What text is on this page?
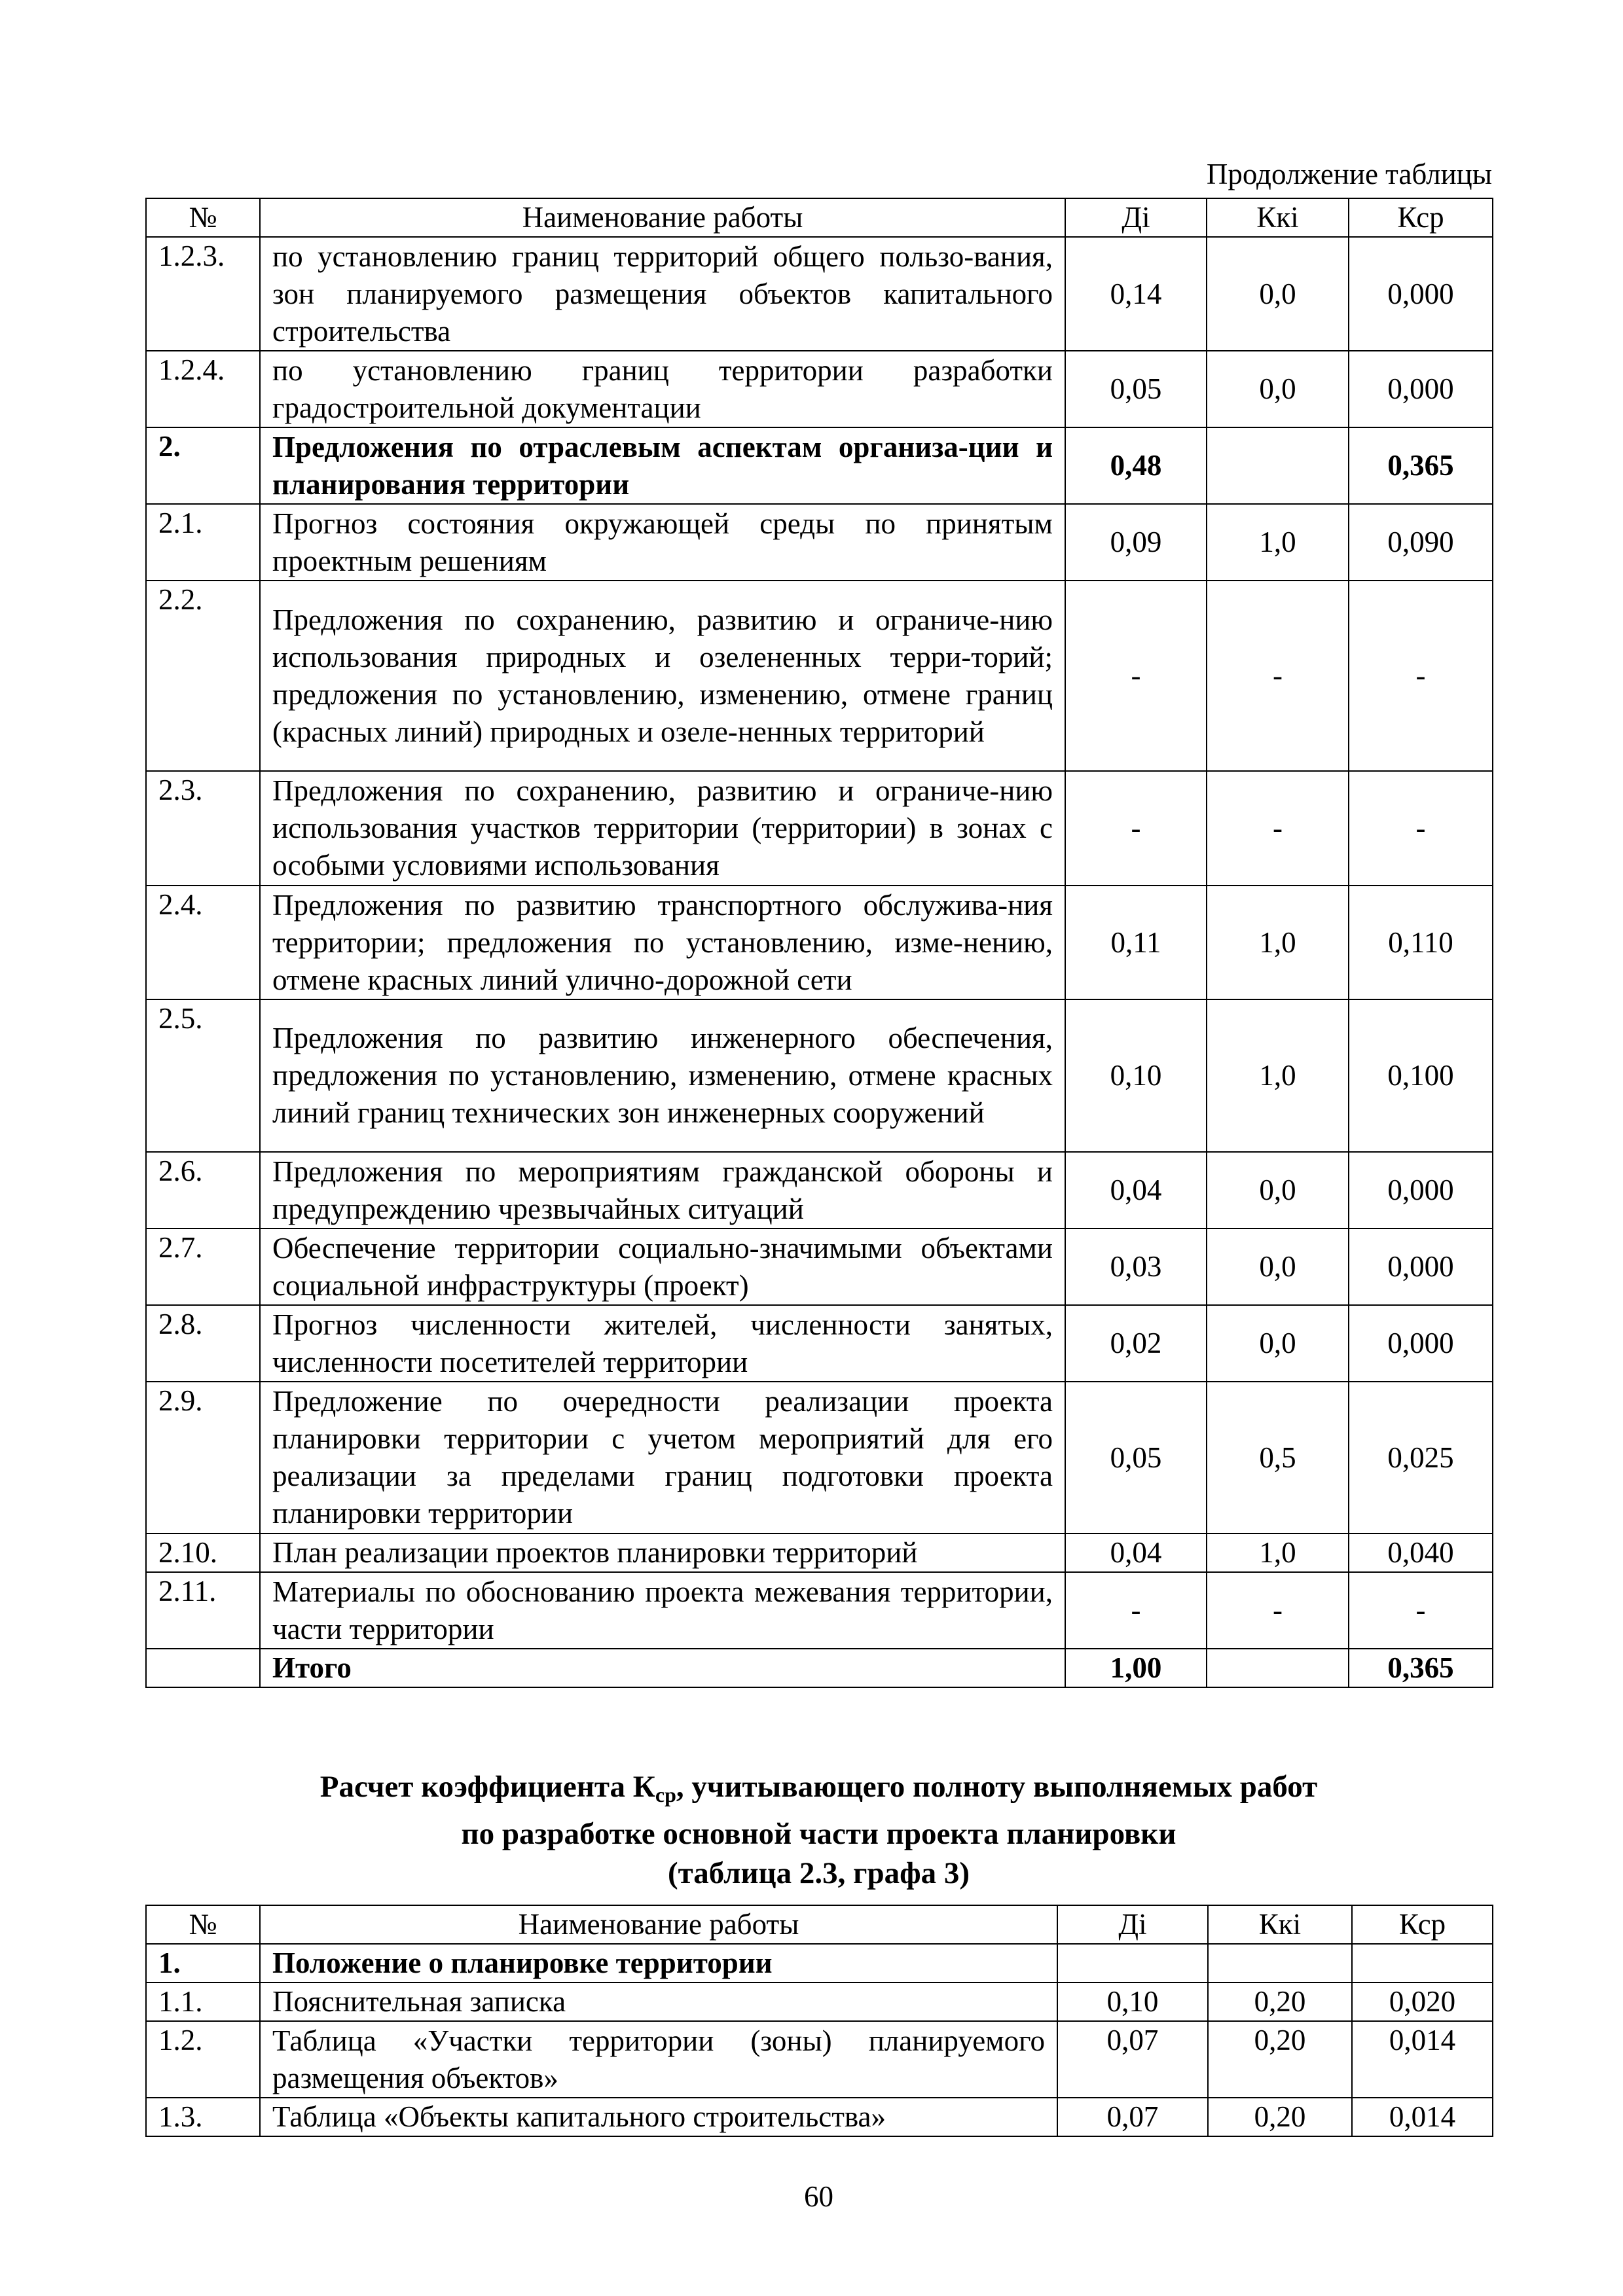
Продолжение таблицы
№	Наименование работы	Дi	Ккi	Кср
1.2.3.	по установлению границ территорий общего пользо-вания, зон планируемого размещения объектов капитального строительства	0,14	0,0	0,000
1.2.4.	по установлению границ территории разработки градостроительной документации	0,05	0,0	0,000
2.	Предложения по отраслевым аспектам организа-ции и планирования территории	0,48		0,365
2.1.	Прогноз состояния окружающей среды по принятым проектным решениям	0,09	1,0	0,090
2.2.	Предложения по сохранению, развитию и ограниче-нию использования природных и озелененных терри-торий; предложения по установлению, изменению, отмене границ (красных линий) природных и озеле-ненных территорий	-	-	-
2.3.	Предложения по сохранению, развитию и ограниче-нию использования участков территории (территории) в зонах с особыми условиями использования	-	-	-
2.4.	Предложения по развитию транспортного обслужива-ния территории; предложения по установлению, изме-нению, отмене красных линий улично-дорожной сети	0,11	1,0	0,110
2.5.	Предложения по развитию инженерного обеспечения, предложения по установлению, изменению, отмене красных линий границ технических зон инженерных сооружений	0,10	1,0	0,100
2.6.	Предложения по мероприятиям гражданской обороны и предупреждению чрезвычайных ситуаций	0,04	0,0	0,000
2.7.	Обеспечение территории социально-значимыми объектами социальной инфраструктуры (проект)	0,03	0,0	0,000
2.8.	Прогноз численности жителей, численности занятых, численности посетителей территории	0,02	0,0	0,000
2.9.	Предложение по очередности реализации проекта планировки территории с учетом мероприятий для его реализации за пределами границ подготовки проекта планировки территории	0,05	0,5	0,025
2.10.	План реализации проектов планировки территорий	0,04	1,0	0,040
2.11.	Материалы по обоснованию проекта межевания территории, части территории	-	-	-
	Итого	1,00		0,365
Расчет коэффициента $К_{ср}$, учитывающего полноту выполняемых работ
по разработке основной части проекта планировки
(таблица 2.3, графа 3)
№	Наименование работы	Дi	Ккi	Кср
1.	Положение о планировке территории			
1.1.	Пояснительная записка	0,10	0,20	0,020
1.2.	Таблица «Участки территории (зоны) планируемого размещения объектов»	0,07	0,20	0,014
1.3.	Таблица «Объекты капитального строительства»	0,07	0,20	0,014
60
